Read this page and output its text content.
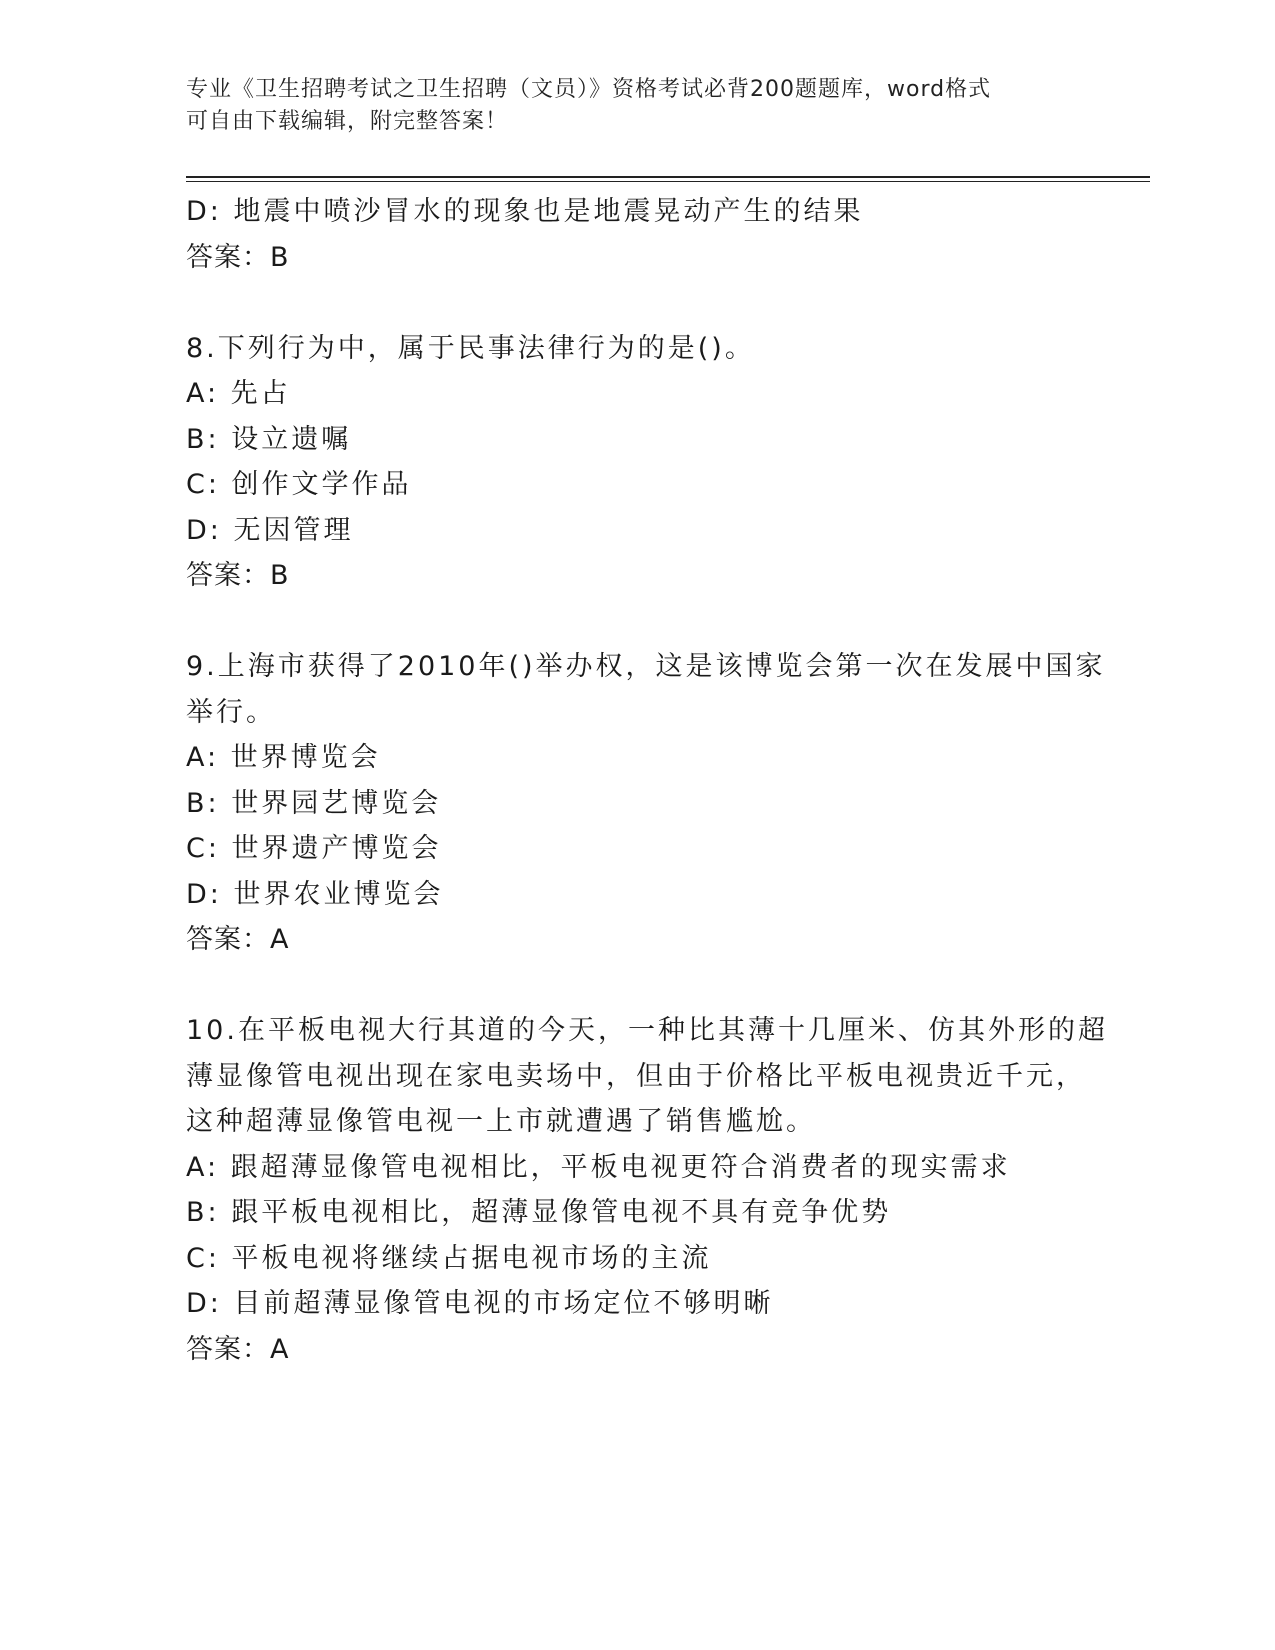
专业《卫生招聘考试之卫生招聘（文员）》资格考试必背200题题库，word格式
可自由下载编辑，附完整答案！
D: 地震中喷沙冒水的现象也是地震晃动产生的结果
答案：B
8.下列行为中，属于民事法律行为的是()。
A: 先占
B: 设立遗嘱
C: 创作文学作品
D: 无因管理
答案：B
9.上海市获得了2010年()举办权，这是该博览会第一次在发展中国家
举行。
A: 世界博览会
B: 世界园艺博览会
C: 世界遗产博览会
D: 世界农业博览会
答案：A
10.在平板电视大行其道的今天，一种比其薄十几厘米、仿其外形的超
薄显像管电视出现在家电卖场中，但由于价格比平板电视贵近千元，
这种超薄显像管电视一上市就遭遇了销售尴尬。
A: 跟超薄显像管电视相比，平板电视更符合消费者的现实需求
B: 跟平板电视相比，超薄显像管电视不具有竞争优势
C: 平板电视将继续占据电视市场的主流
D: 目前超薄显像管电视的市场定位不够明晰
答案：A
